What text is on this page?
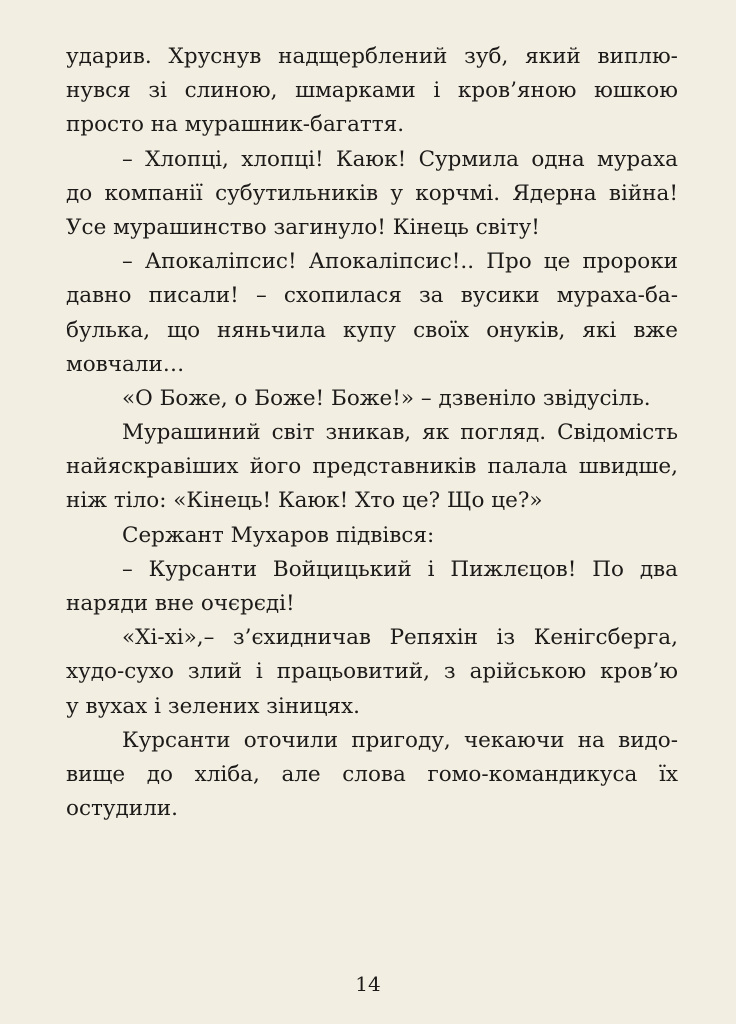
ударив. Хруснув надщерблений зуб, який виплю-
нувся зі слиною, шмарками і кров’яною юшкою
просто на мурашник-багаття.
– Хлопці, хлопці! Каюк! Сурмила одна мураха
до компанії субутильників у корчмі. Ядерна війна!
Усе мурашинство загинуло! Кінець світу!
– Апокаліпсис! Апокаліпсис!.. Про це пророки
давно писали! – схопилася за вусики мураха-ба-
булька, що няньчила купу своїх онуків, які вже
мовчали…
«О Боже, о Боже! Боже!» – дзвеніло звідусіль.
Мурашиний світ зникав, як погляд. Свідомість
найяскравіших його представників палала швидше,
ніж тіло: «Кінець! Каюк! Хто це? Що це?»
Сержант Мухаров підвівся:
– Курсанти Войцицький і Пижлєцов! По два
наряди вне очєрєді!
«Хі-хі»,– з’єхидничав Репяхін із Кенігсберга,
худо-сухо злий і працьовитий, з арійською кров’ю
у вухах і зелених зіницях.
Курсанти оточили пригоду, чекаючи на видо-
вище до хліба, але слова гомо-командикуса їх
остудили.
14
